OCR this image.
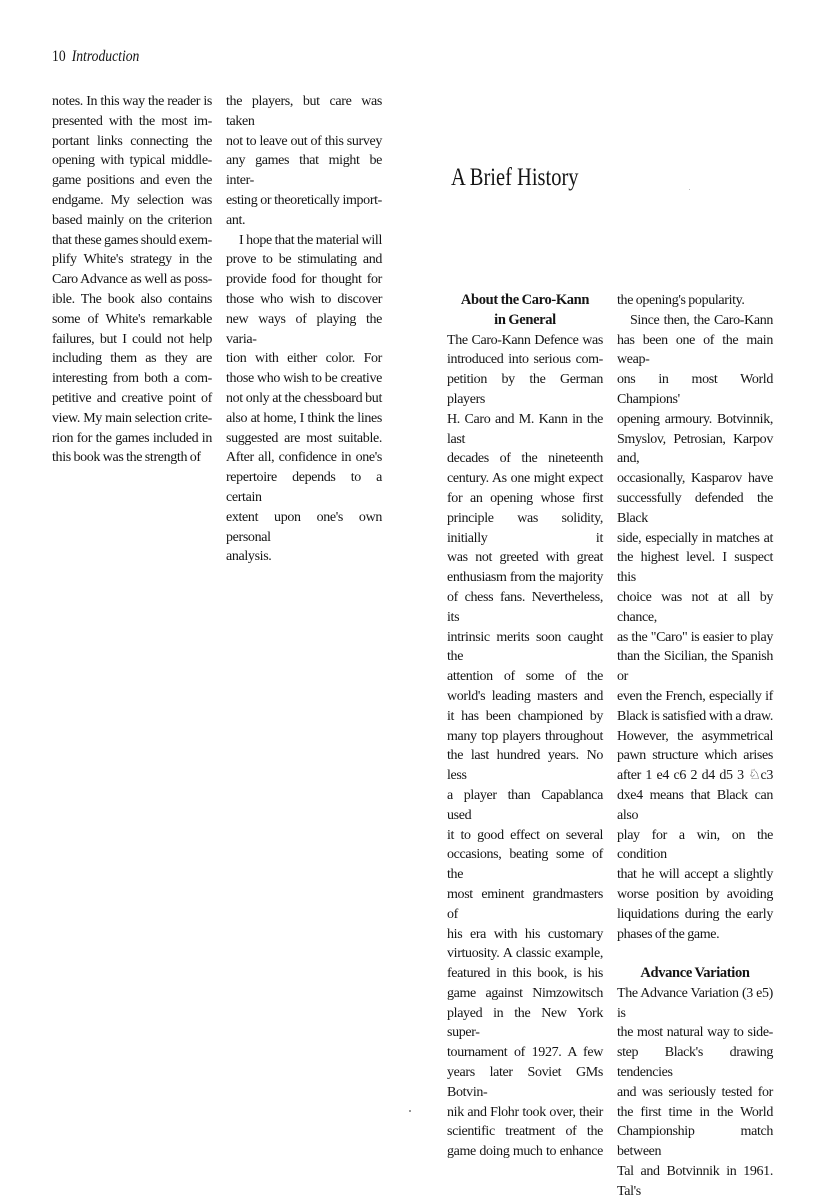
10 Introduction
A Brief History

notes. In this way the reader is
presented with the most im-
portant links connecting the
opening with typical middle-
game positions and even the
endgame. My selection was
based mainly on the criterion
that these games should exem-
plify White's strategy in the
Caro Advance as well as poss-
ible. The book also contains
some of White's remarkable
failures, but I could not help
including them as they are
interesting from both a com-
petitive and creative point of
view. My main selection crite-
rion for the games included in
this book was the strength of

the players, but care was taken
not to leave out of this survey
any games that might be inter-
esting or theoretically import-
ant.

I hope that the material will
prove to be stimulating and
provide food for thought for
those who wish to discover
new ways of playing the varia-
tion with either color. For
those who wish to be creative
not only at the chessboard but
also at home, I think the lines
suggested are most suitable.
After all, confidence in one's
repertoire depends to a certain
extent upon one's own personal
analysis.

About the Caro-Kann
in General

The Caro-Kann Defence was
introduced into serious com-
petition by the German players
H. Caro and M. Kann in the last
decades of the nineteenth
century. As one might expect
for an opening whose first
principle was solidity, initially it
was not greeted with great
enthusiasm from the majority
of chess fans. Nevertheless, its
intrinsic merits soon caught the
attention of some of the
world's leading masters and
it has been championed by
many top players throughout
the last hundred years. No less
a player than Capablanca used
it to good effect on several
occasions, beating some of the
most eminent grandmasters of
his era with his customary
virtuosity. A classic example,
featured in this book, is his
game against Nimzowitsch
played in the New York super-
tournament of 1927. A few
years later Soviet GMs Botvin-
nik and Flohr took over, their
scientific treatment of the
game doing much to enhance

the opening's popularity.

Since then, the Caro-Kann
has been one of the main weap-
ons in most World Champions'
opening armoury. Botvinnik,
Smyslov, Petrosian, Karpov and,
occasionally, Kasparov have
successfully defended the Black
side, especially in matches at
the highest level. I suspect this
choice was not at all by chance,
as the "Caro" is easier to play
than the Sicilian, the Spanish or
even the French, especially if
Black is satisfied with a draw.
However, the asymmetrical
pawn structure which arises
after 1 e4 c6 2 d4 d5 3 ♘c3
dxe4 means that Black can also
play for a win, on the condition
that he will accept a slightly
worse position by avoiding
liquidations during the early
phases of the game.

Advance Variation

The Advance Variation (3 e5) is
the most natural way to side-
step Black's drawing tendencies
and was seriously tested for
the first time in the World
Championship match between
Tal and Botvinnik in 1961. Tal's
